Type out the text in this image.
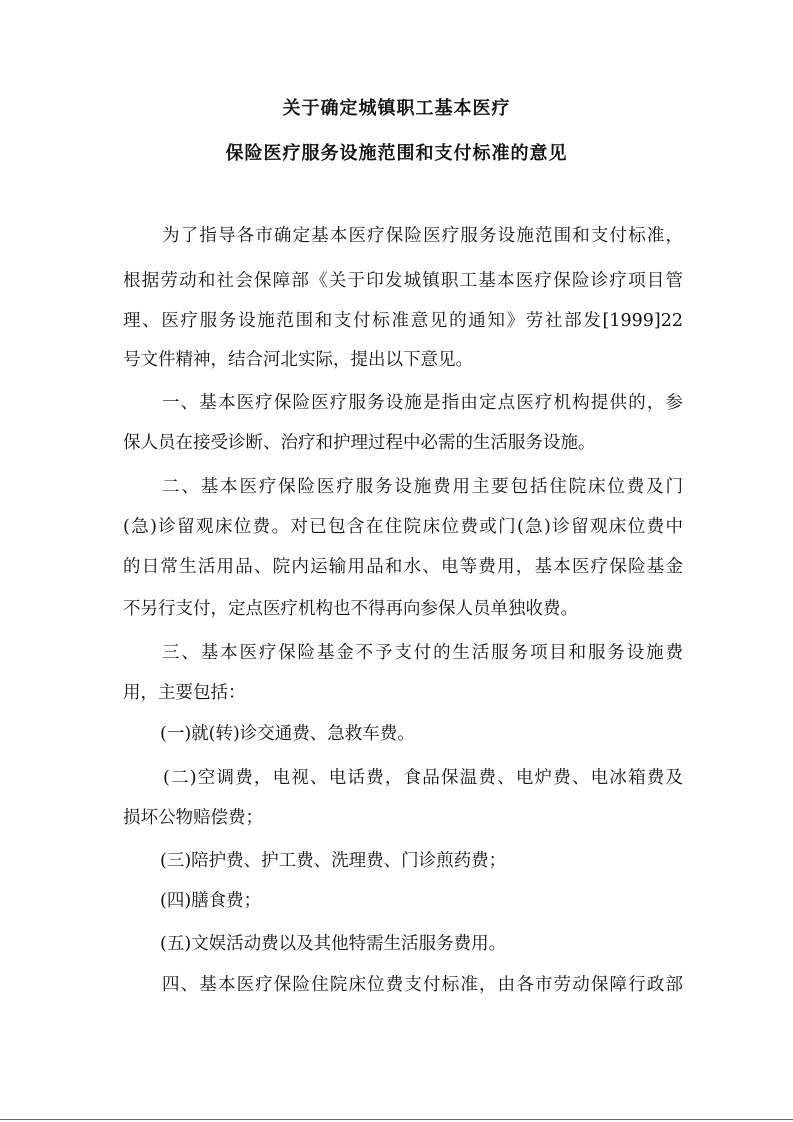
关于确定城镇职工基本医疗
保险医疗服务设施范围和支付标准的意见
为了指导各市确定基本医疗保险医疗服务设施范围和支付标准，
根据劳动和社会保障部《关于印发城镇职工基本医疗保险诊疗项目管
理、医疗服务设施范围和支付标准意见的通知》劳社部发[1999]22
号文件精神，结合河北实际，提出以下意见。
一、基本医疗保险医疗服务设施是指由定点医疗机构提供的，参
保人员在接受诊断、治疗和护理过程中必需的生活服务设施。
二、基本医疗保险医疗服务设施费用主要包括住院床位费及门
(急)诊留观床位费。对已包含在住院床位费或门(急)诊留观床位费中
的日常生活用品、院内运输用品和水、电等费用，基本医疗保险基金
不另行支付，定点医疗机构也不得再向参保人员单独收费。
三、基本医疗保险基金不予支付的生活服务项目和服务设施费
用，主要包括：
(一)就(转)诊交通费、急救车费。
(二)空调费，电视、电话费，食品保温费、电炉费、电冰箱费及
损坏公物赔偿费；
(三)陪护费、护工费、洗理费、门诊煎药费；
(四)膳食费；
(五)文娱活动费以及其他特需生活服务费用。
四、基本医疗保险住院床位费支付标准，由各市劳动保障行政部
